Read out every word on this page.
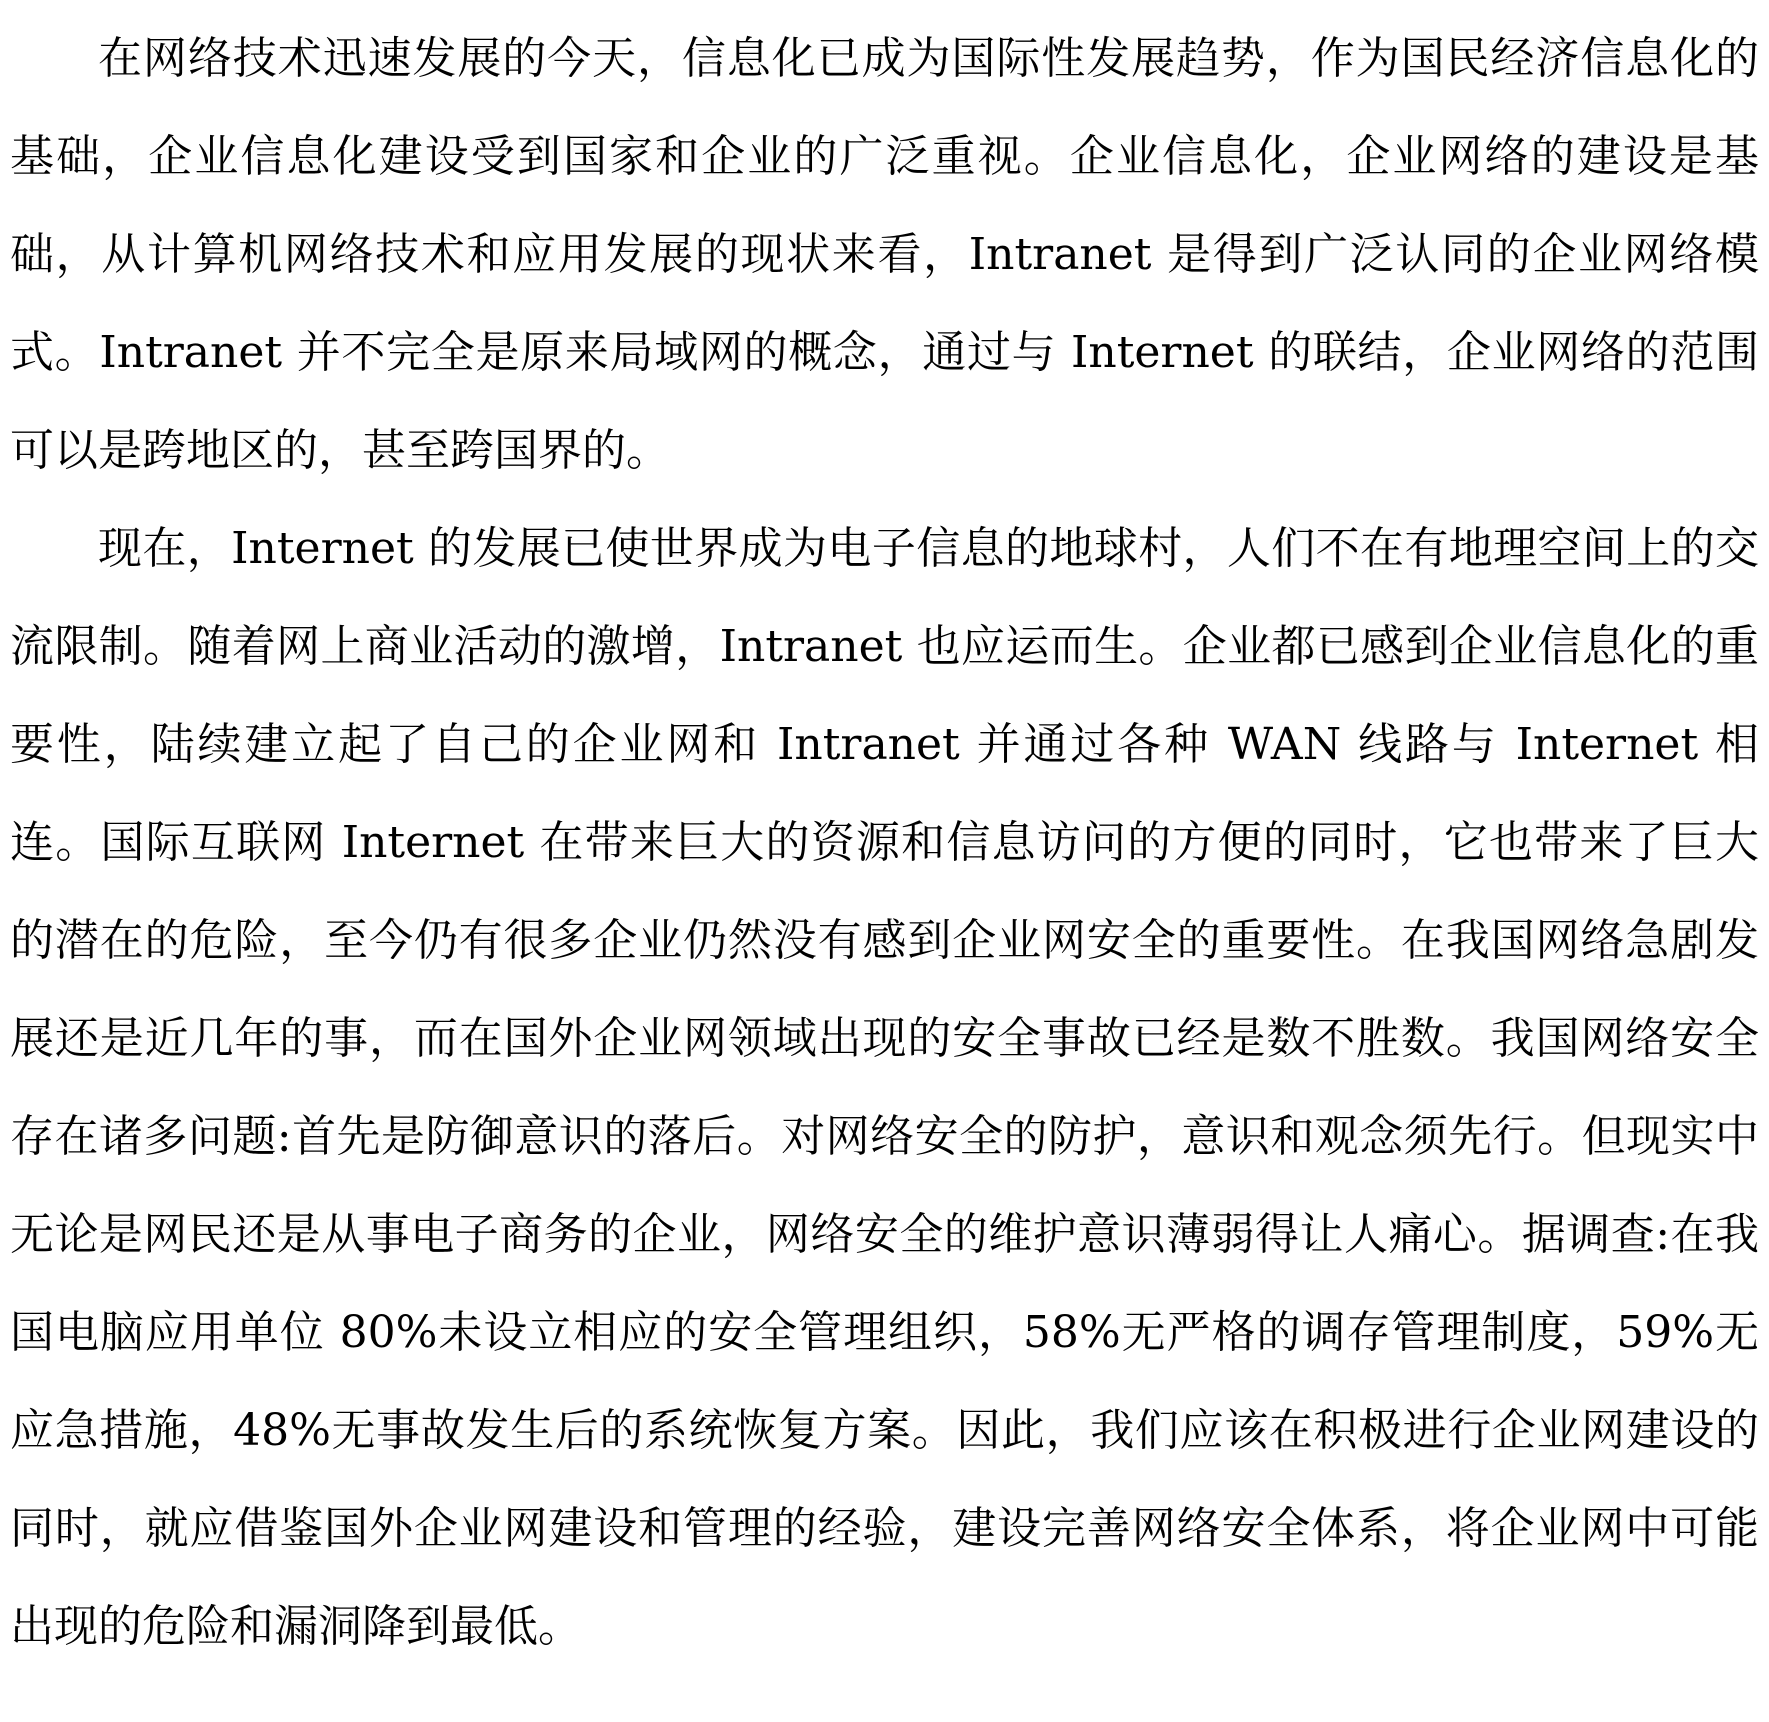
在网络技术迅速发展的今天，信息化已成为国际性发展趋势，作为国民经济信息化的基础，企业信息化建设受到国家和企业的广泛重视。企业信息化，企业网络的建设是基础，从计算机网络技术和应用发展的现状来看，Intranet 是得到广泛认同的企业网络模式。Intranet 并不完全是原来局域网的概念，通过与 Internet 的联结，企业网络的范围可以是跨地区的，甚至跨国界的。

现在，Internet 的发展已使世界成为电子信息的地球村，人们不在有地理空间上的交流限制。随着网上商业活动的激增，Intranet 也应运而生。企业都已感到企业信息化的重要性，陆续建立起了自己的企业网和 Intranet 并通过各种 WAN 线路与 Internet 相连。国际互联网 Internet 在带来巨大的资源和信息访问的方便的同时，它也带来了巨大的潜在的危险，至今仍有很多企业仍然没有感到企业网安全的重要性。在我国网络急剧发展还是近几年的事，而在国外企业网领域出现的安全事故已经是数不胜数。我国网络安全存在诸多问题:首先是防御意识的落后。对网络安全的防护，意识和观念须先行。但现实中无论是网民还是从事电子商务的企业，网络安全的维护意识薄弱得让人痛心。据调查:在我国电脑应用单位 80%未设立相应的安全管理组织，58%无严格的调存管理制度，59%无应急措施，48%无事故发生后的系统恢复方案。因此，我们应该在积极进行企业网建设的同时，就应借鉴国外企业网建设和管理的经验，建设完善网络安全体系，将企业网中可能出现的危险和漏洞降到最低。
